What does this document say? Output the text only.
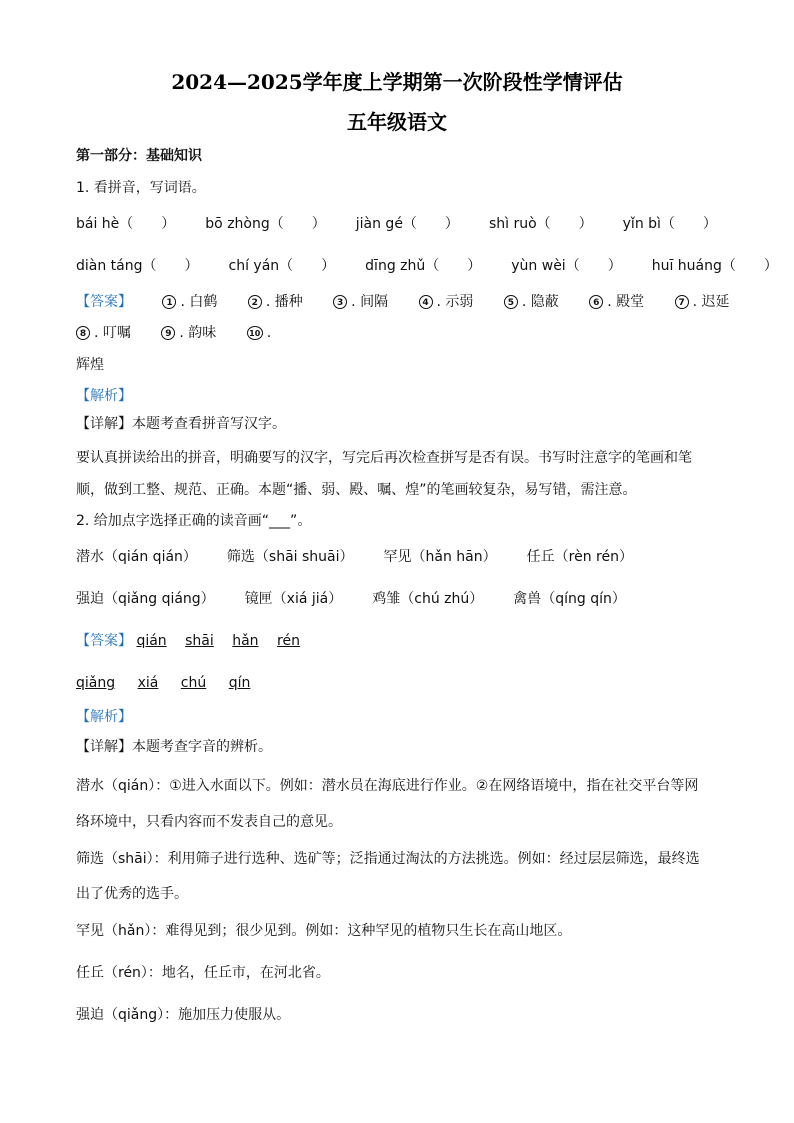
2024—2025学年度上学期第一次阶段性学情评估
五年级语文
第一部分：基础知识
1. 看拼音，写词语。
bái hè（　　） bō zhòng（　　） jiàn gé（　　） shì ruò（　　） yǐn bì（　　）
diàn táng（　　） chí yán（　　） dīng zhǔ（　　） yùn wèi（　　） huī huáng（　　）
【答案】	1 . 白鹤	2 . 播种	3 . 间隔	4 . 示弱	5 . 隐蔽	6 . 殿堂	7 . 迟延
8 . 叮嘱	9 . 韵味	10 .
辉煌
【解析】
【详解】本题考查看拼音写汉字。
要认真拼读给出的拼音，明确要写的汉字，写完后再次检查拼写是否有误。书写时注意字的笔画和笔
顺，做到工整、规范、正确。本题“播、弱、殿、嘱、煌”的笔画较复杂，易写错，需注意。
2. 给加点字选择正确的读音画“___”。
潜水（qián qián） 筛选（shāi shuāi） 罕见（hǎn hān） 任丘（rèn rén）
强迫（qiǎng qiáng） 镜匣（xiá jiá） 鸡雏（chú zhú） 禽兽（qíng qín）
【答案】 qián shāi hǎn rén
qiǎng xiá chú qín
【解析】
【详解】本题考查字音的辨析。
潜水（qián）：①进入水面以下。例如：潜水员在海底进行作业。②在网络语境中，指在社交平台等网
络环境中，只看内容而不发表自己的意见。
筛选（shāi）：利用筛子进行选种、选矿等；泛指通过淘汰的方法挑选。例如：经过层层筛选，最终选
出了优秀的选手。
罕见（hǎn）：难得见到；很少见到。例如：这种罕见的植物只生长在高山地区。
任丘（rén）：地名，任丘市，在河北省。
强迫（qiǎng）：施加压力使服从。
